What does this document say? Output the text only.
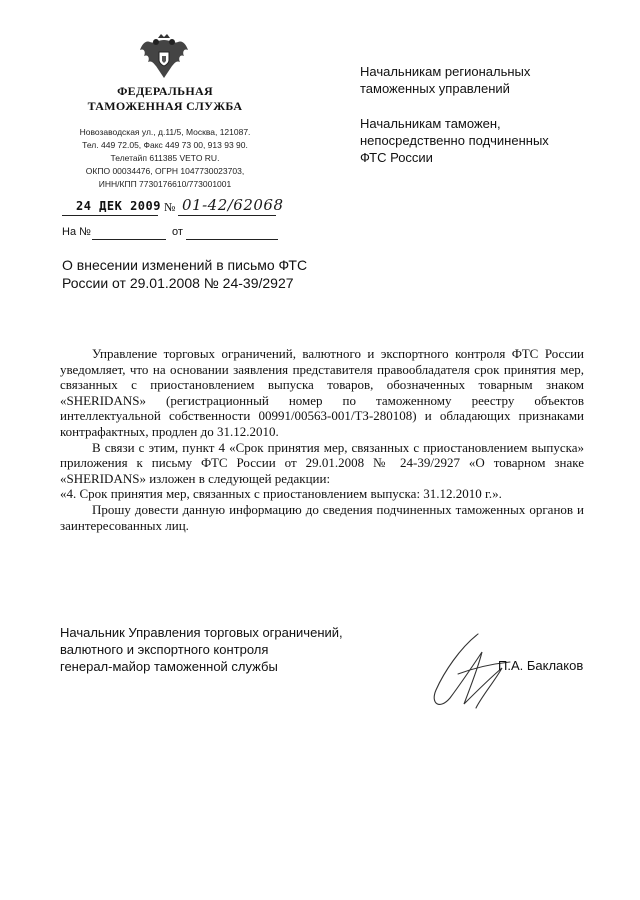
ФЕДЕРАЛЬНАЯ
ТАМОЖЕННАЯ СЛУЖБА
Новозаводская ул., д.11/5, Москва, 121087.
Тел. 449 72.05, Факс 449 73 00, 913 93 90.
Телетайп 611385 VETO RU.
ОКПО 00034476, ОГРН 1047730023703,
ИНН/КПП 7730176610/773001001
24 ДЕК 2009 № 01-42/62068
На №	от
Начальникам региональных
таможенных управлений
Начальникам таможен,
непосредственно подчиненных
ФТС России
О внесении изменений в письмо ФТС
России от 29.01.2008 № 24-39/2927

Управление торговых ограничений, валютного и экспортного контроля ФТС России уведомляет, что на основании заявления представителя правообладателя срок принятия мер, связанных с приостановлением выпуска товаров, обозначенных товарным знаком «SHERIDANS» (регистрационный номер по таможенному реестру объектов интеллектуальной собственности 00991/00563-001/ТЗ-280108) и обладающих признаками контрафактных, продлен до 31.12.2010.

В связи с этим, пункт 4 «Срок принятия мер, связанных с приостановлением выпуска» приложения к письму ФТС России от 29.01.2008 № 24-39/2927 «О товарном знаке «SHERIDANS» изложен в следующей редакции:

«4. Срок принятия мер, связанных с приостановлением выпуска: 31.12.2010 г.».

Прошу довести данную информацию до сведения подчиненных таможенных органов и заинтересованных лиц.

Начальник Управления торговых ограничений,
валютного и экспортного контроля
генерал-майор таможенной службы	П.А. Баклаков
